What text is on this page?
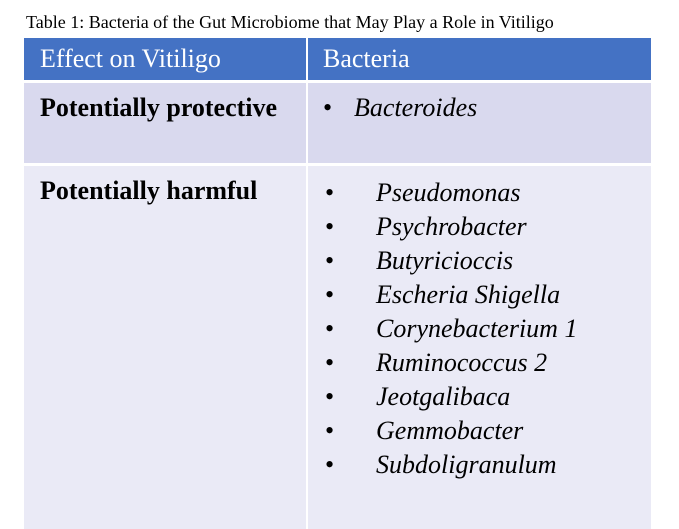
Table 1: Bacteria of the Gut Microbiome that May Play a Role in Vitiligo
Effect on Vitiligo	Bacteria
Potentially protective • Bacteroides
Potentially harmful	• Pseudomonas
• Psychrobacter
• Butyricioccis
• Escheria Shigella
• Corynebacterium 1
• Ruminococcus 2
• Jeotgalibaca
• Gemmobacter
• Subdoligranulum
